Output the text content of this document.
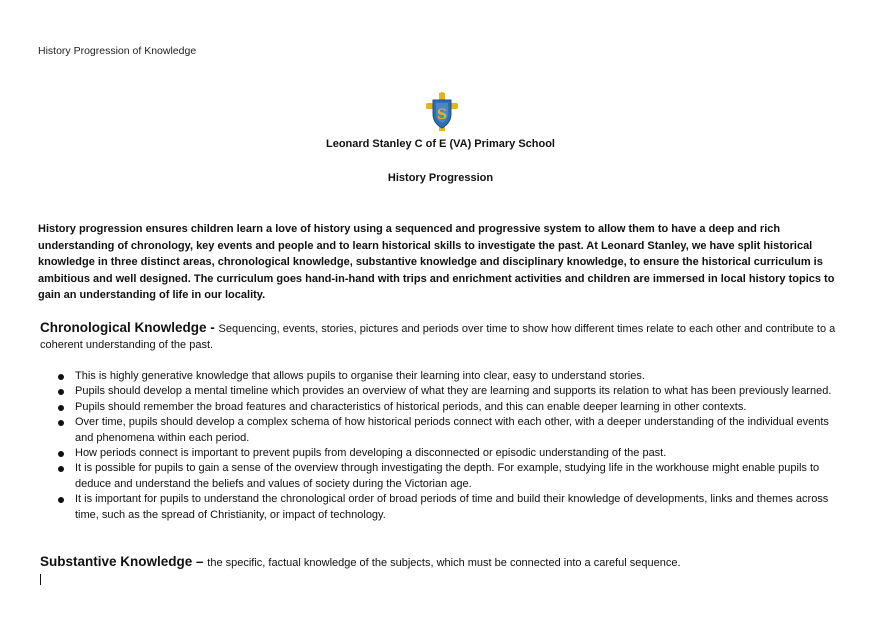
History Progression of Knowledge
S
Leonard Stanley C of E (VA) Primary School
History Progression
History progression ensures children learn a love of history using a sequenced and progressive system to allow them to have a deep and rich understanding of chronology, key events and people and to learn historical skills to investigate the past. At Leonard Stanley, we have split historical knowledge in three distinct areas, chronological knowledge, substantive knowledge and disciplinary knowledge, to ensure the historical curriculum is ambitious and well designed. The curriculum goes hand-in-hand with trips and enrichment activities and children are immersed in local history topics to gain an understanding of life in our locality.
Chronological Knowledge - Sequencing, events, stories, pictures and periods over time to show how different times relate to each other and contribute to a coherent understanding of the past.
This is highly generative knowledge that allows pupils to organise their learning into clear, easy to understand stories.
Pupils should develop a mental timeline which provides an overview of what they are learning and supports its relation to what has been previously learned.
Pupils should remember the broad features and characteristics of historical periods, and this can enable deeper learning in other contexts.
Over time, pupils should develop a complex schema of how historical periods connect with each other, with a deeper understanding of the individual events and phenomena within each period.
How periods connect is important to prevent pupils from developing a disconnected or episodic understanding of the past.
It is possible for pupils to gain a sense of the overview through investigating the depth. For example, studying life in the workhouse might enable pupils to deduce and understand the beliefs and values of society during the Victorian age.
It is important for pupils to understand the chronological order of broad periods of time and build their knowledge of developments, links and themes across time, such as the spread of Christianity, or impact of technology.
Substantive Knowledge – the specific, factual knowledge of the subjects, which must be connected into a careful sequence.
